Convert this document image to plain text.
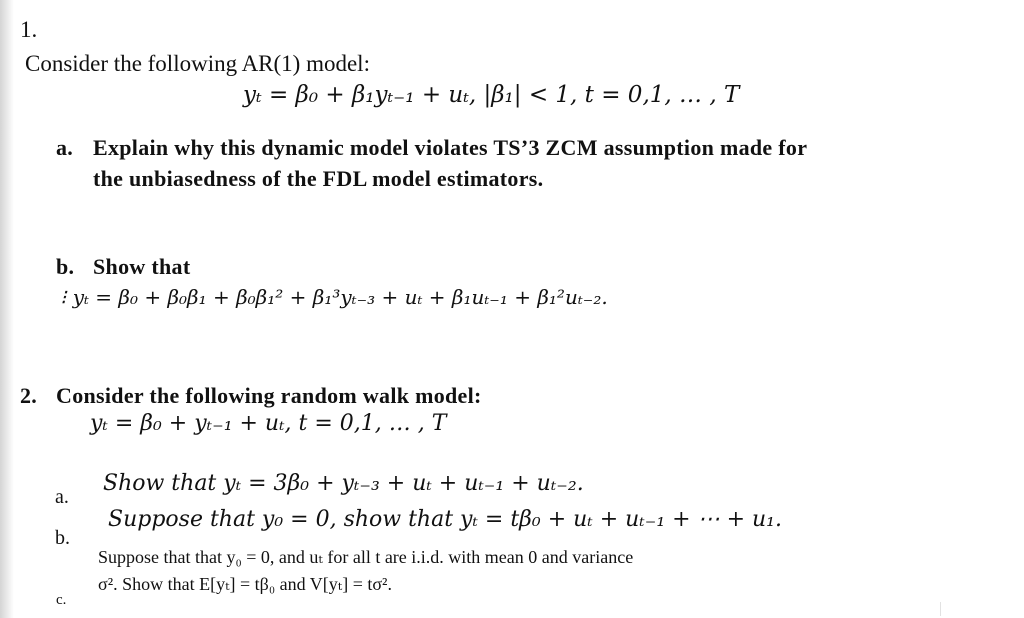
1.
Consider the following AR(1) model:
yₜ = β₀ + β₁yₜ₋₁ + uₜ, |β₁| < 1, t = 0,1, … , T
a. Explain why this dynamic model violates TS’3 ZCM assumption made for
the unbiasedness of the FDL model estimators.
b. Show that
⁝ yₜ = β₀ + β₀β₁ + β₀β₁² + β₁³yₜ₋₃ + uₜ + β₁uₜ₋₁ + β₁²uₜ₋₂.
2. Consider the following random walk model:
yₜ = β₀ + yₜ₋₁ + uₜ, t = 0,1, … , T
a.
Show that yₜ = 3β₀ + yₜ₋₃ + uₜ + uₜ₋₁ + uₜ₋₂.
b.
Suppose that y₀ = 0, show that yₜ = tβ₀ + uₜ + uₜ₋₁ + ⋯ + u₁.
Suppose that that y₀ = 0, and uₜ for all t are i.i.d. with mean 0 and variance
σ². Show that E[yₜ] = tβ₀ and V[yₜ] = tσ².
c.
